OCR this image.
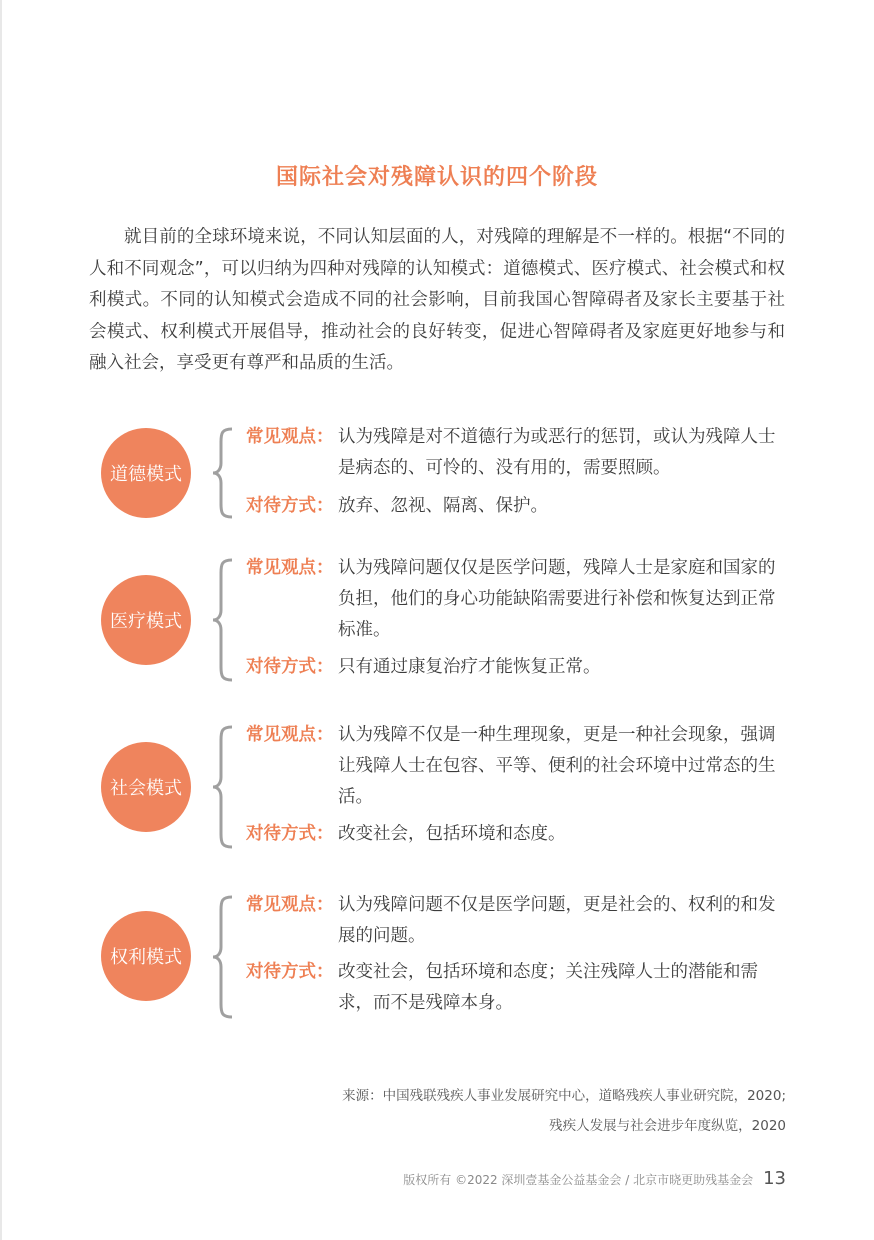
国际社会对残障认识的四个阶段
就目前的全球环境来说，不同认知层面的人，对残障的理解是不一样的。根据“不同的人和不同观念”，可以归纳为四种对残障的认知模式：道德模式、医疗模式、社会模式和权利模式。不同的认知模式会造成不同的社会影响，目前我国心智障碍者及家长主要基于社会模式、权利模式开展倡导，推动社会的良好转变，促进心智障碍者及家庭更好地参与和融入社会，享受更有尊严和品质的生活。
道德模式
常见观点： 认为残障是对不道德行为或恶行的惩罚，或认为残障人士是病态的、可怜的、没有用的，需要照顾。
对待方式： 放弃、忽视、隔离、保护。
医疗模式
常见观点： 认为残障问题仅仅是医学问题，残障人士是家庭和国家的负担，他们的身心功能缺陷需要进行补偿和恢复达到正常标准。
对待方式： 只有通过康复治疗才能恢复正常。
社会模式
常见观点： 认为残障不仅是一种生理现象，更是一种社会现象，强调让残障人士在包容、平等、便利的社会环境中过常态的生活。
对待方式： 改变社会，包括环境和态度。
权利模式
常见观点： 认为残障问题不仅是医学问题，更是社会的、权利的和发展的问题。
对待方式： 改变社会，包括环境和态度；关注残障人士的潜能和需求，而不是残障本身。
来源：中国残联残疾人事业发展研究中心，道略残疾人事业研究院，2020;
残疾人发展与社会进步年度纵览，2020
版权所有 ©2022 深圳壹基金公益基金会 / 北京市晓更助残基金会 13
